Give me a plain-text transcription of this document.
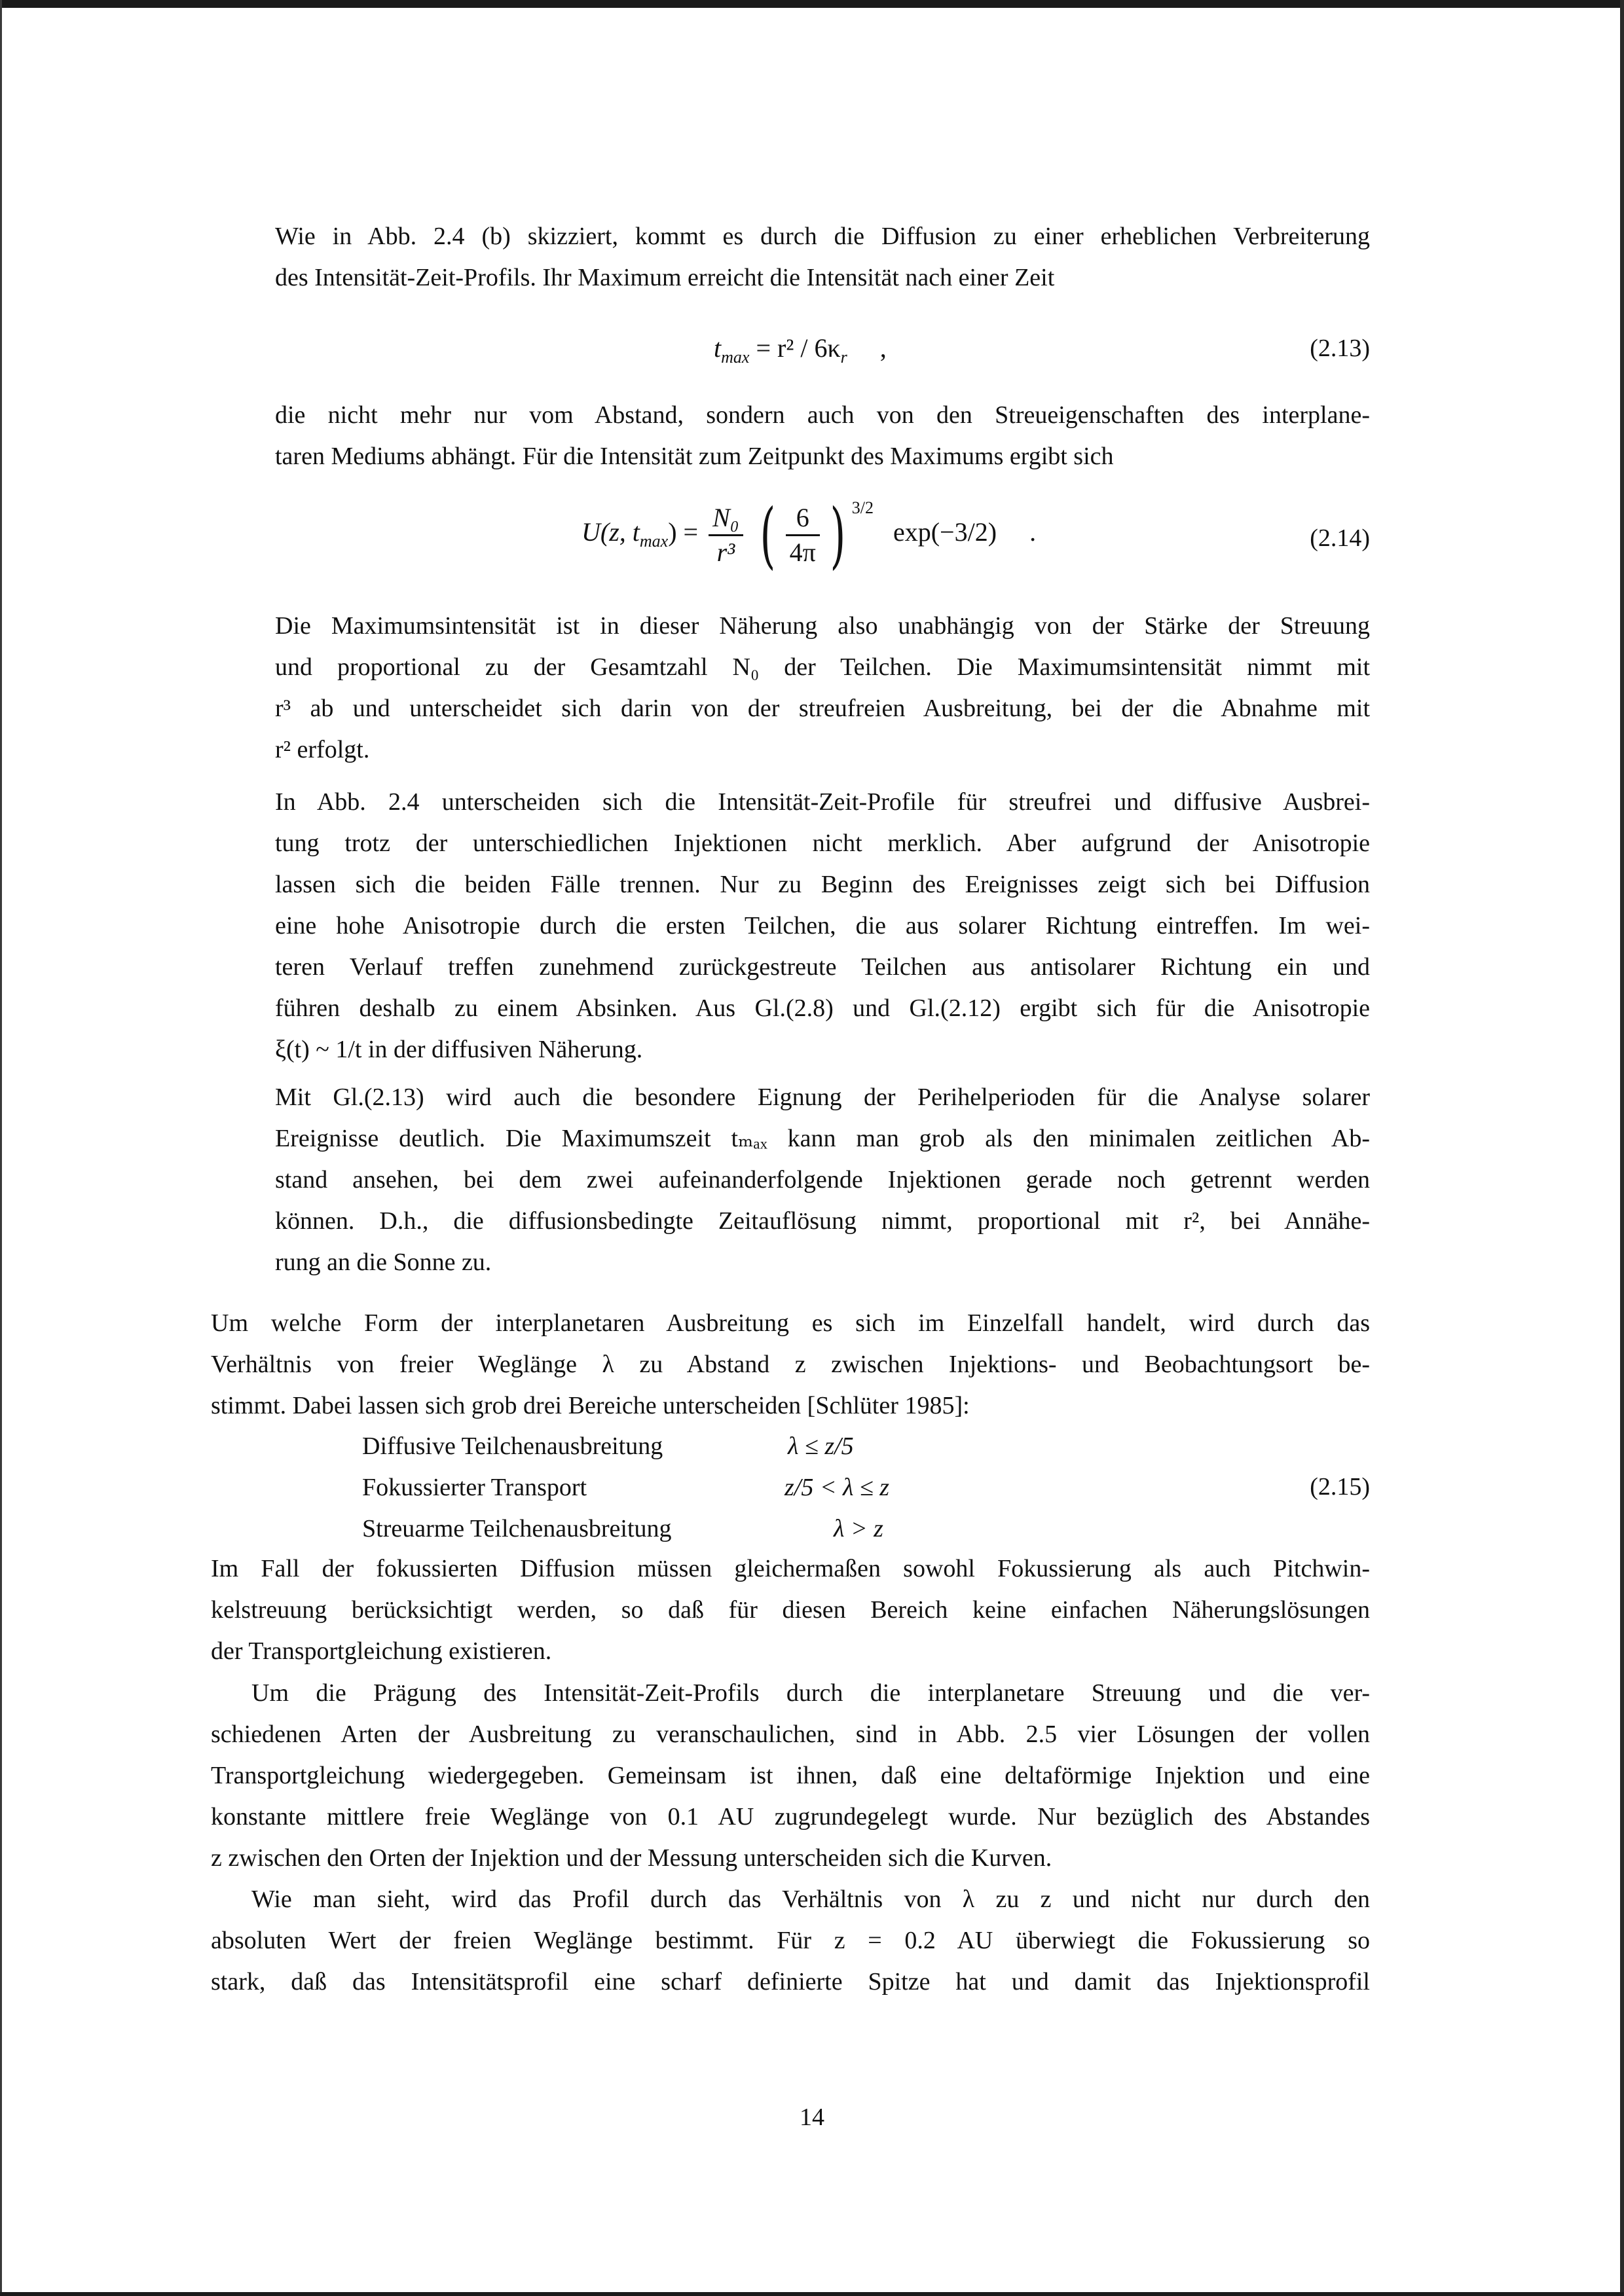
Wie in Abb. 2.4 (b) skizziert, kommt es durch die Diffusion zu einer erheblichen Verbreiterung
des Intensität-Zeit-Profils. Ihr Maximum erreicht die Intensität nach einer Zeit
$t_{max} = r^2 / 6\kappa_r$ ,	(2.13)
die nicht mehr nur vom Abstand, sondern auch von den Streueigenschaften des interplane-
taren Mediums abhängt. Für die Intensität zum Zeitpunkt des Maximums ergibt sich
U(z, $t_{max}) = \frac{\text{N₀}}{\text{r³}}$ ( $\frac{6}{4\pi}$ ) $^{3/2}$   exp(−3/2) .	(2.14)
Die Maximumsintensität ist in dieser Näherung also unabhängig von der Stärke der Streuung
und proportional zu der Gesamtzahl N₀ der Teilchen. Die Maximumsintensität nimmt mit
r³ ab und unterscheidet sich darin von der streufreien Ausbreitung, bei der die Abnahme mit
r² erfolgt.
In Abb. 2.4 unterscheiden sich die Intensität-Zeit-Profile für streufrei und diffusive Ausbrei-
tung trotz der unterschiedlichen Injektionen nicht merklich. Aber aufgrund der Anisotropie
lassen sich die beiden Fälle trennen. Nur zu Beginn des Ereignisses zeigt sich bei Diffusion
eine hohe Anisotropie durch die ersten Teilchen, die aus solarer Richtung eintreffen. Im wei-
teren Verlauf treffen zunehmend zurückgestreute Teilchen aus antisolarer Richtung ein und
führen deshalb zu einem Absinken. Aus Gl.(2.8) und Gl.(2.12) ergibt sich für die Anisotropie
ξ(t) ~ 1/t in der diffusiven Näherung.
Mit Gl.(2.13) wird auch die besondere Eignung der Perihelperioden für die Analyse solarer
Ereignisse deutlich. Die Maximumszeit tₘₐₓ kann man grob als den minimalen zeitlichen Ab-
stand ansehen, bei dem zwei aufeinanderfolgende Injektionen gerade noch getrennt werden
können. D.h., die diffusionsbedingte Zeitauflösung nimmt, proportional mit r², bei Annähe-
rung an die Sonne zu.
Um welche Form der interplanetaren Ausbreitung es sich im Einzelfall handelt, wird durch das
Verhältnis von freier Weglänge λ zu Abstand z zwischen Injektions- und Beobachtungsort be-
stimmt. Dabei lassen sich grob drei Bereiche unterscheiden [Schlüter 1985]:
Diffusive Teilchenausbreitung	λ ≤ z/5
Fokussierter Transport	z/5 < λ ≤ z
Streuarme Teilchenausbreitung	λ > z
(2.15)
Im Fall der fokussierten Diffusion müssen gleichermaßen sowohl Fokussierung als auch Pitchwin-
kelstreuung berücksichtigt werden, so daß für diesen Bereich keine einfachen Näherungslösungen
der Transportgleichung existieren.
Um die Prägung des Intensität-Zeit-Profils durch die interplanetare Streuung und die ver-
schiedenen Arten der Ausbreitung zu veranschaulichen, sind in Abb. 2.5 vier Lösungen der vollen
Transportgleichung wiedergegeben. Gemeinsam ist ihnen, daß eine deltaförmige Injektion und eine
konstante mittlere freie Weglänge von 0.1 AU zugrundegelegt wurde. Nur bezüglich des Abstandes
z zwischen den Orten der Injektion und der Messung unterscheiden sich die Kurven.
Wie man sieht, wird das Profil durch das Verhältnis von λ zu z und nicht nur durch den
absoluten Wert der freien Weglänge bestimmt. Für z = 0.2 AU überwiegt die Fokussierung so
stark, daß das Intensitätsprofil eine scharf definierte Spitze hat und damit das Injektionsprofil
14
